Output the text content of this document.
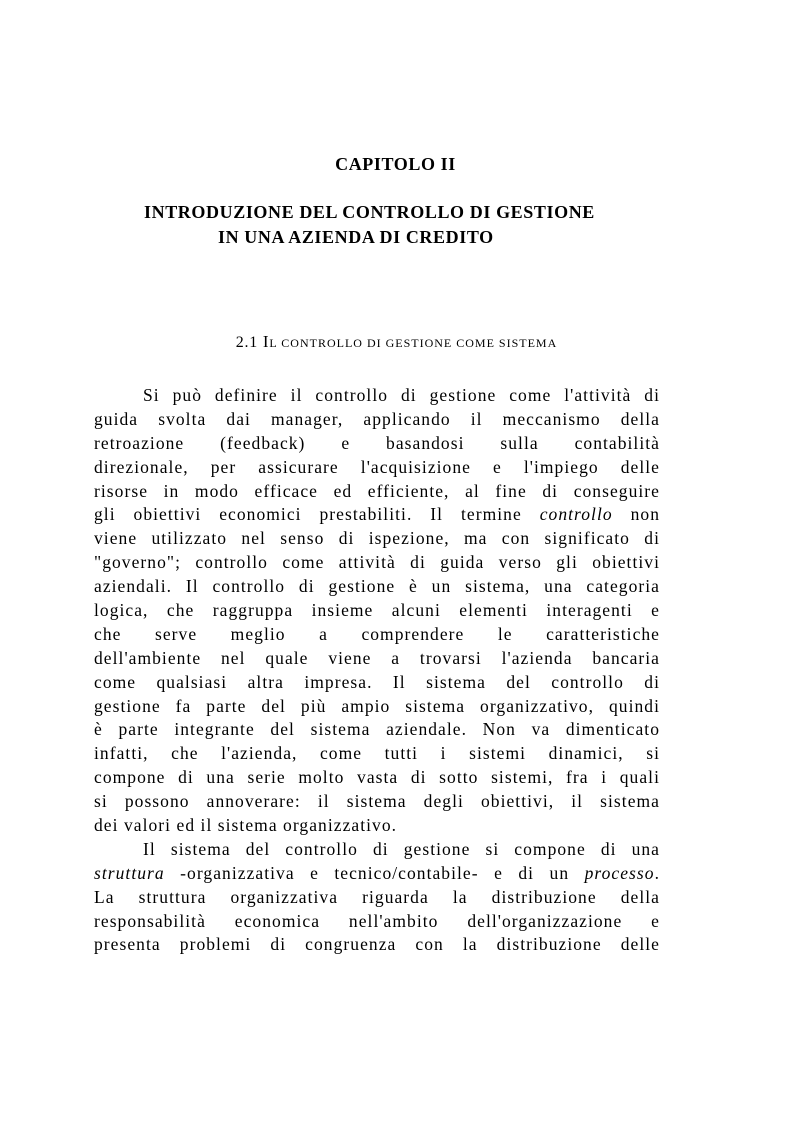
CAPITOLO II
INTRODUZIONE DEL CONTROLLO DI GESTIONE
IN UNA AZIENDA DI CREDITO
2.1 IL CONTROLLO DI GESTIONE COME SISTEMA
Si può definire il controllo di gestione come l'attività di
guida svolta dai manager, applicando il meccanismo della
retroazione (feedback) e basandosi sulla contabilità
direzionale, per assicurare l'acquisizione e l'impiego delle
risorse in modo efficace ed efficiente, al fine di conseguire
gli obiettivi economici prestabiliti. Il termine controllo non
viene utilizzato nel senso di ispezione, ma con significato di
"governo"; controllo come attività di guida verso gli obiettivi
aziendali. Il controllo di gestione è un sistema, una categoria
logica, che raggruppa insieme alcuni elementi interagenti e
che serve meglio a comprendere le caratteristiche
dell'ambiente nel quale viene a trovarsi l'azienda bancaria
come qualsiasi altra impresa. Il sistema del controllo di
gestione fa parte del più ampio sistema organizzativo, quindi
è parte integrante del sistema aziendale. Non va dimenticato
infatti, che l'azienda, come tutti i sistemi dinamici, si
compone di una serie molto vasta di sotto sistemi, fra i quali
si possono annoverare: il sistema degli obiettivi, il sistema
dei valori ed il sistema organizzativo.
Il sistema del controllo di gestione si compone di una
struttura -organizzativa e tecnico/contabile- e di un processo.
La struttura organizzativa riguarda la distribuzione della
responsabilità economica nell'ambito dell'organizzazione e
presenta problemi di congruenza con la distribuzione delle
